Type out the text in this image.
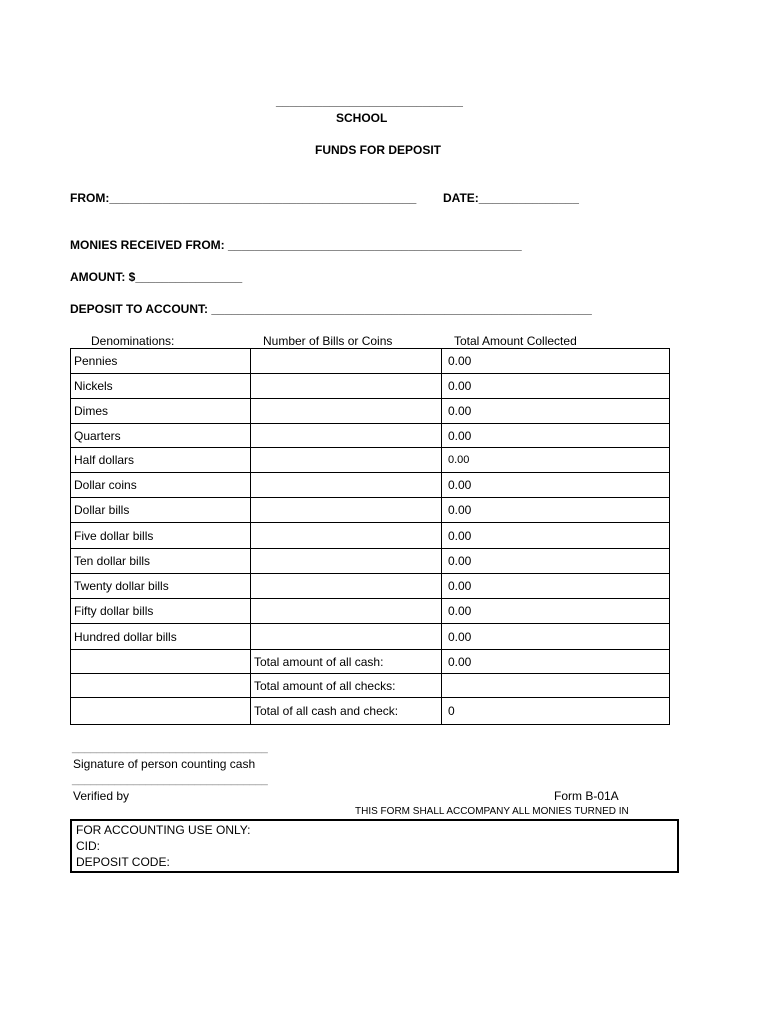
____________________________
SCHOOL
FUNDS FOR DEPOSIT
FROM:______________________________________________ DATE:_______________
MONIES RECEIVED FROM: ____________________________________________
AMOUNT: $________________
DEPOSIT TO ACCOUNT: _________________________________________________________
Denominations:	Number of Bills or Coins	Total Amount Collected
Pennies		0.00
Nickels		0.00
Dimes		0.00
Quarters		0.00
Half dollars		0.00
Dollar coins		0.00
Dollar bills		0.00
Five dollar bills		0.00
Ten dollar bills		0.00
Twenty dollar bills		0.00
Fifty dollar bills		0.00
Hundred dollar bills		0.00
	Total amount of all cash:	0.00
	Total amount of all checks:	
	Total of all cash and check:	0
________________________________
Signature of person counting cash
________________________________
Verified by	Form B-01A
THIS FORM SHALL ACCOMPANY ALL MONIES TURNED IN
FOR ACCOUNTING USE ONLY:
CID:
DEPOSIT CODE:
